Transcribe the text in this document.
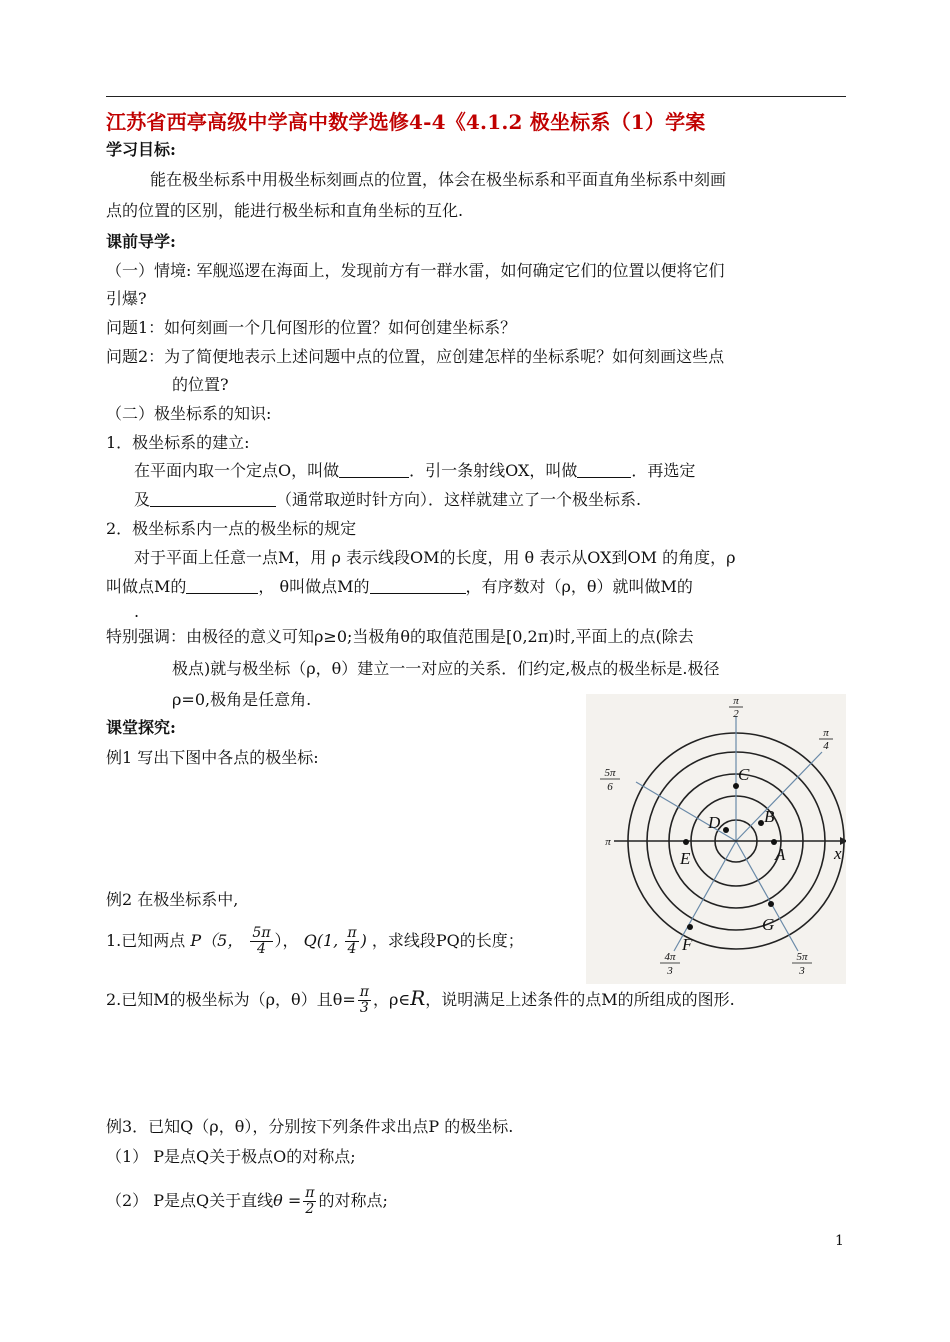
江苏省西亭高级中学高中数学选修4-4《4.1.2 极坐标系（1）学案
学习目标:
能在极坐标系中用极坐标刻画点的位置，体会在极坐标系和平面直角坐标系中刻画
点的位置的区别，能进行极坐标和直角坐标的互化.
课前导学:
（一）情境: 军舰巡逻在海面上，发现前方有一群水雷，如何确定它们的位置以便将它们
引爆?
问题1：如何刻画一个几何图形的位置？如何创建坐标系？
问题2：为了简便地表示上述问题中点的位置，应创建怎样的坐标系呢？如何刻画这些点
的位置?
（二）极坐标系的知识:
1．极坐标系的建立:
在平面内取一个定点O，叫做	．引一条射线OX，叫做	．再选定
及	（通常取逆时针方向）．这样就建立了一个极坐标系.
2．极坐标系内一点的极坐标的规定
对于平面上任意一点M，用 ρ 表示线段OM的长度，用 θ 表示从OX到OM 的角度，ρ
叫做点M的	， θ叫做点M的	，有序数对（ρ，θ）就叫做M的
.
特别强调：由极径的意义可知ρ≥0;当极角θ的取值范围是[0,2π)时,平面上的点(除去
极点)就与极坐标（ρ，θ）建立一一对应的关系．们约定,极点的极坐标是.极径
ρ=0,极角是任意角.
课堂探究:
例1 写出下图中各点的极坐标:
例2 在极坐标系中,
1.已知两点 P（5， $\frac{5\pi}{4}$ ）， Q(1, $\frac{\pi}{4}$ ) ，求线段PQ的长度；
2.已知M的极坐标为（ρ，θ）且$\theta= \frac{\pi}{3}$ ，ρ∈R，说明满足上述条件的点M的所组成的图形.
例3．已知Q（ρ，θ），分别按下列条件求出点P 的极坐标.
（1） P是点Q关于极点O的对称点;
（2） P是点Q关于直线$\theta = \frac{\pi}{2}$ 的对称点;
A
B
C
D
E
F
G
x
π
2
π
4
5π
6
π
4π
3
5π
3
1
